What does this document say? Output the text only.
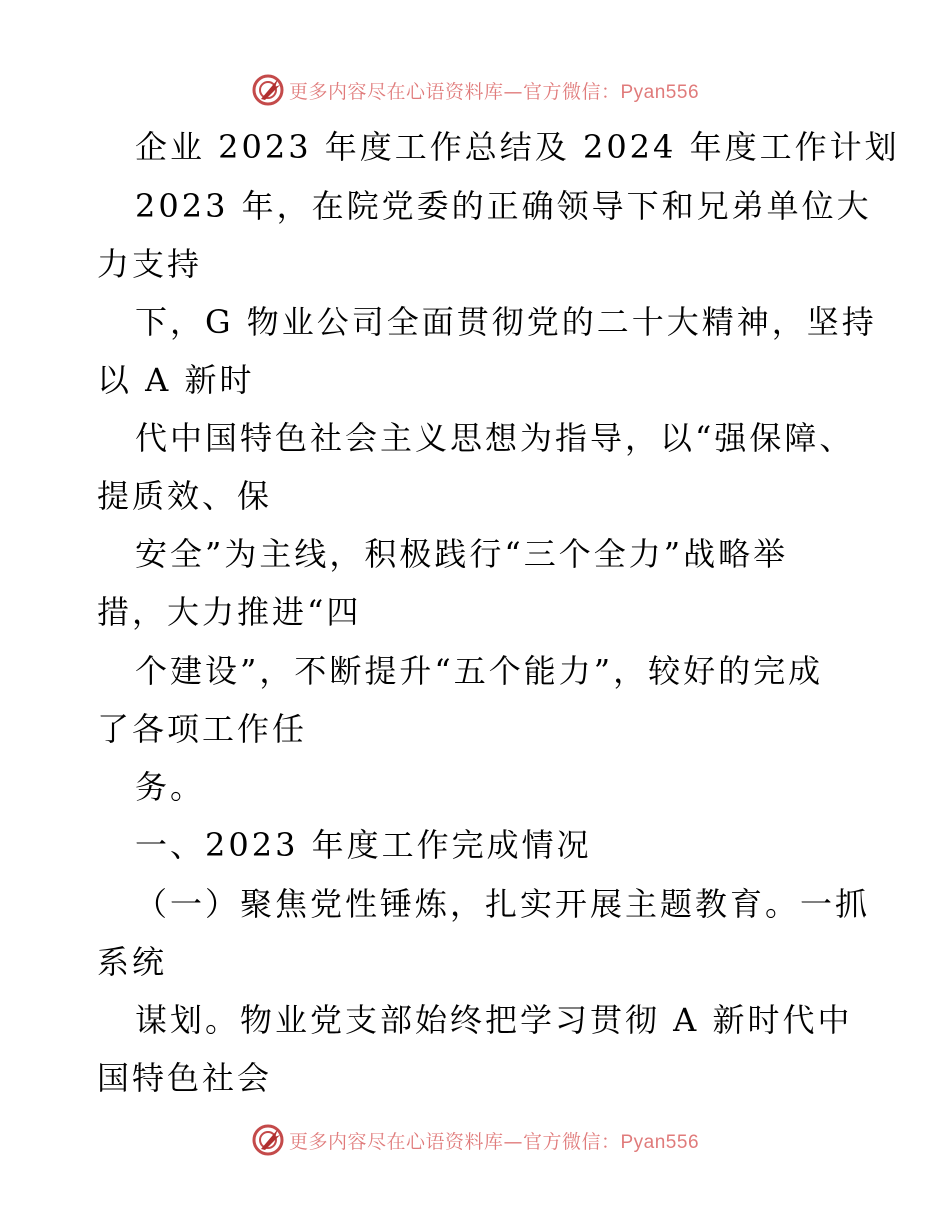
更多内容尽在心语资料库—官方微信：Pyan556
企业 2023 年度工作总结及 2024 年度工作计划
2023 年，在院党委的正确领导下和兄弟单位大
力支持
下，G 物业公司全面贯彻党的二十大精神，坚持
以 A 新时
代中国特色社会主义思想为指导，以“强保障、
提质效、保
安全”为主线，积极践行“三个全力”战略举
措，大力推进“四
个建设”，不断提升“五个能力”，较好的完成
了各项工作任
务。
一、2023 年度工作完成情况
（一）聚焦党性锤炼，扎实开展主题教育。一抓
系统
谋划。物业党支部始终把学习贯彻 A 新时代中
国特色社会
更多内容尽在心语资料库—官方微信：Pyan556
